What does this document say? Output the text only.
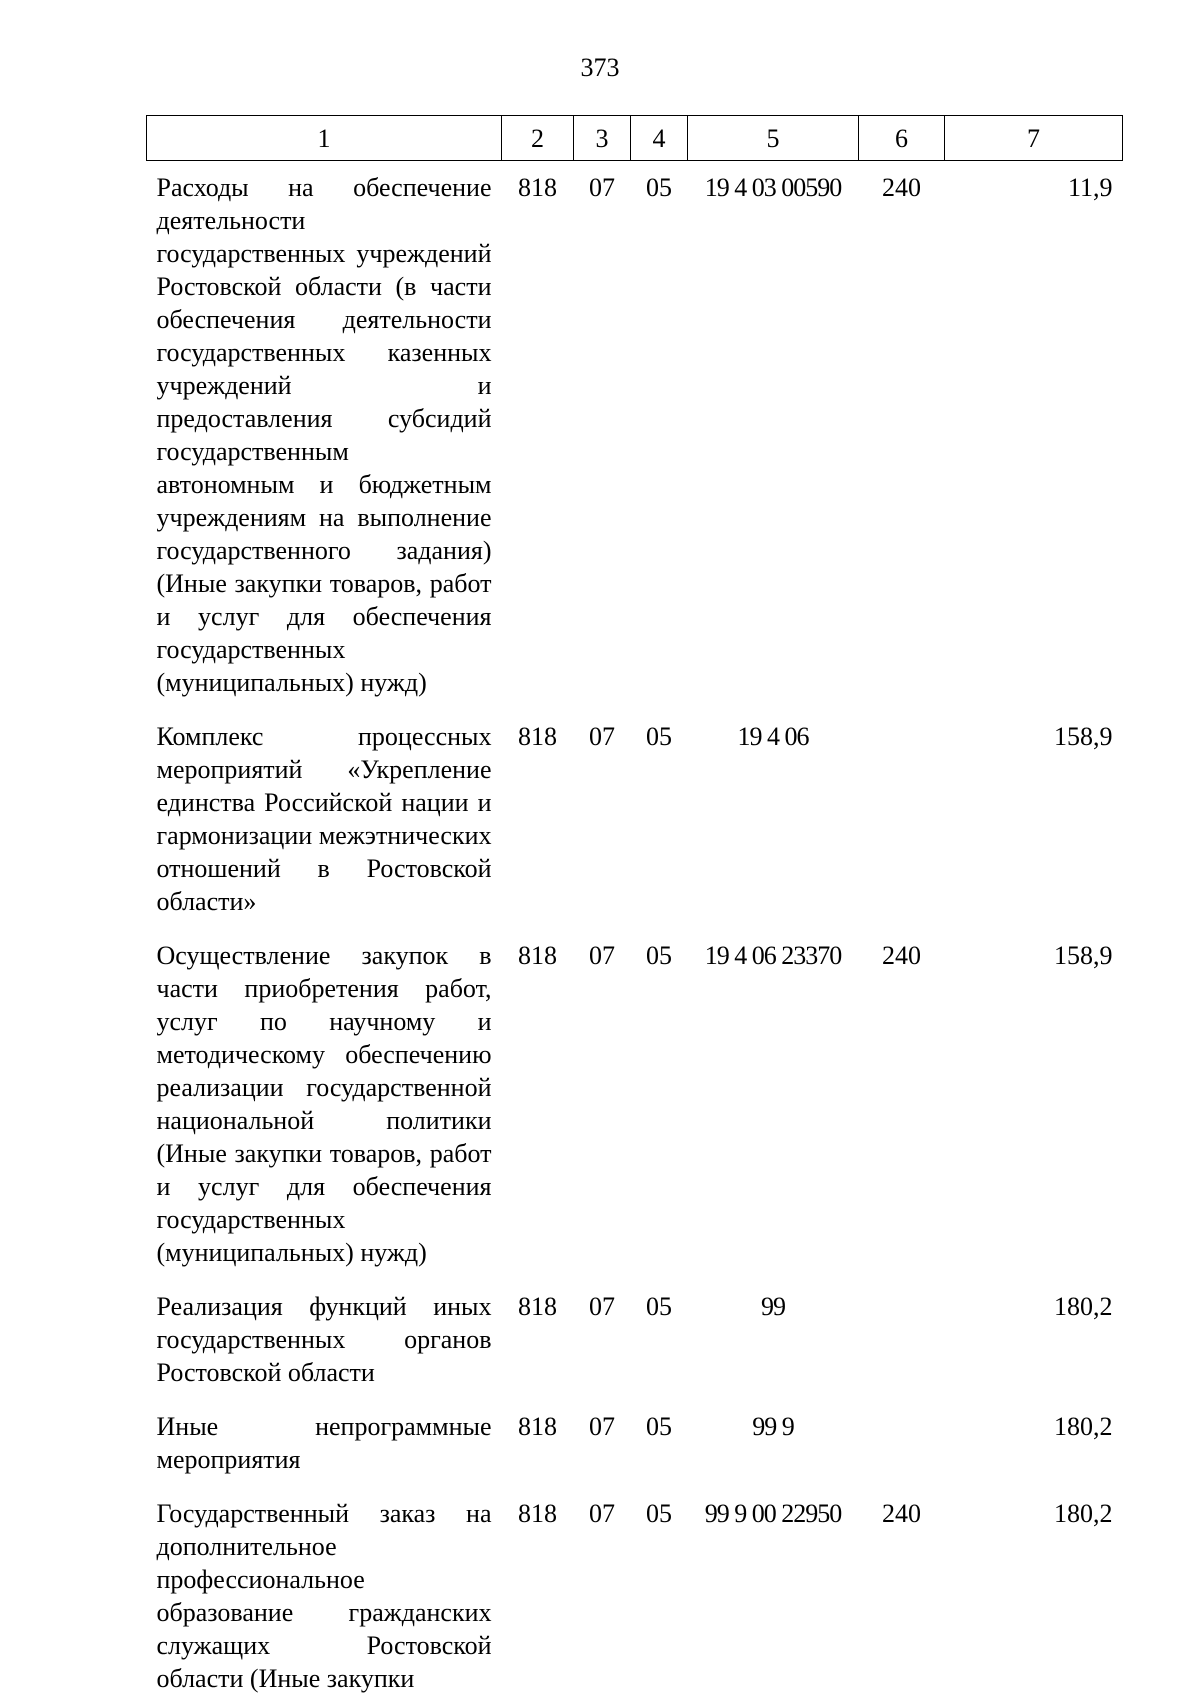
373
1	2	3	4	5	6	7
Расходы на обеспечение деятельности государственных учреждений Ростовской области (в части обеспечения деятельности государственных казенных учреждений и предоставления субсидий государственным автономным и бюджетным учреждениям на выполнение государственного задания) (Иные закупки товаров, работ и услуг для обеспечения государственных (муниципальных) нужд)	818	07	05	19 4 03 00590	240	11,9
Комплекс процессных мероприятий «Укрепление единства Российской нации и гармонизации межэтнических отношений в Ростовской области»	818	07	05	19 4 06		158,9
Осуществление закупок в части приобретения работ, услуг по научному и методическому обеспечению реализации государственной национальной политики (Иные закупки товаров, работ и услуг для обеспечения государственных (муниципальных) нужд)	818	07	05	19 4 06 23370	240	158,9
Реализация функций иных государственных органов Ростовской области	818	07	05	99		180,2
Иные непрограммные мероприятия	818	07	05	99 9		180,2
Государственный заказ на дополнительное профессиональное образование гражданских служащих Ростовской области (Иные закупки	818	07	05	99 9 00 22950	240	180,2
